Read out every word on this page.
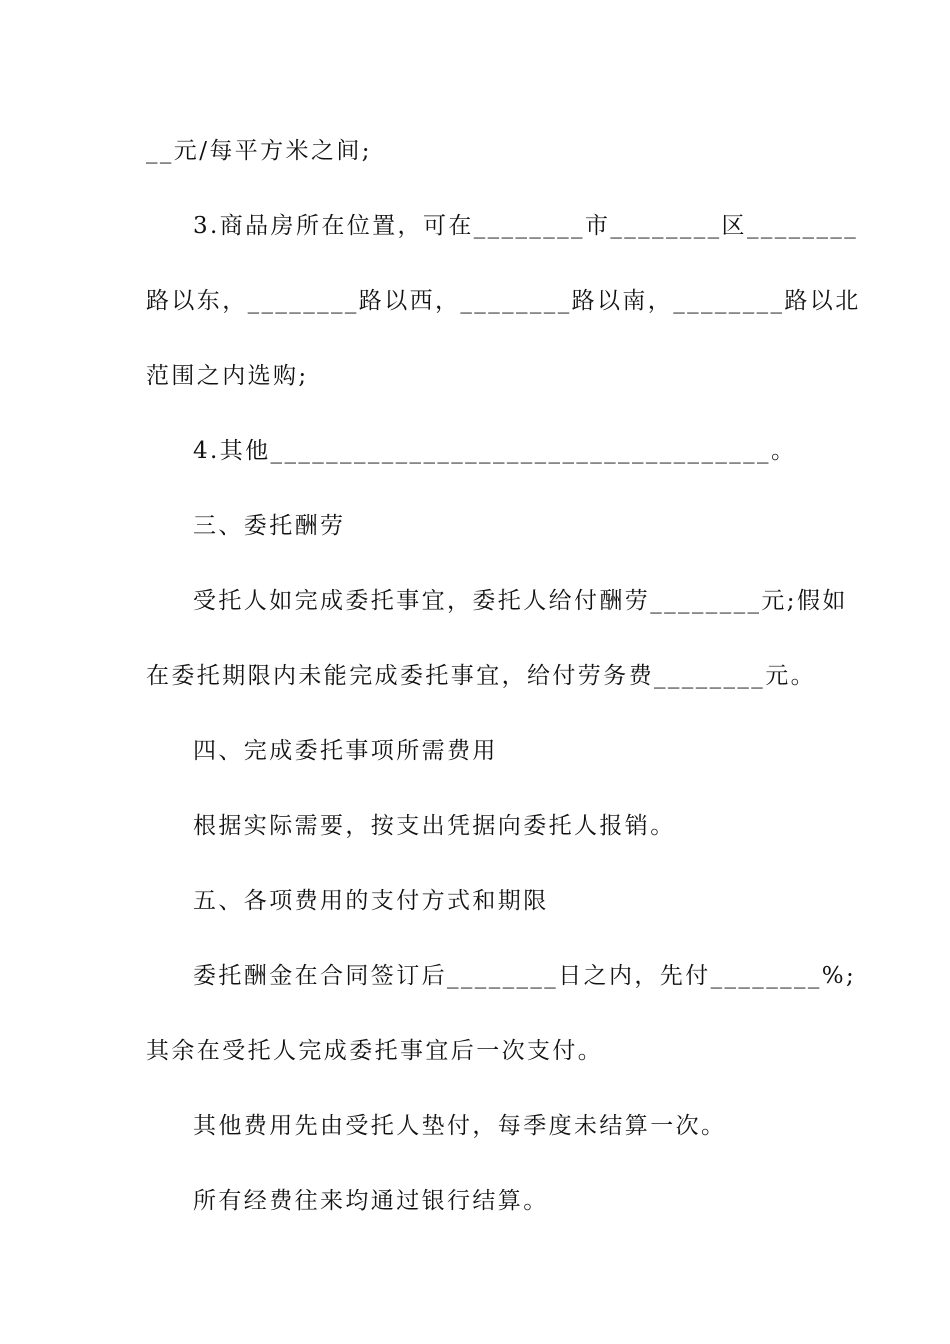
__元/每平方米之间;
3.商品房所在位置，可在________市________区________
路以东，________路以西，________路以南，________路以北
范围之内选购;
4.其他____________________________________。
三、委托酬劳
受托人如完成委托事宜，委托人给付酬劳________元;假如
在委托期限内未能完成委托事宜，给付劳务费________元。
四、完成委托事项所需费用
根据实际需要，按支出凭据向委托人报销。
五、各项费用的支付方式和期限
委托酬金在合同签订后________日之内，先付________%;
其余在受托人完成委托事宜后一次支付。
其他费用先由受托人垫付，每季度未结算一次。
所有经费往来均通过银行结算。
